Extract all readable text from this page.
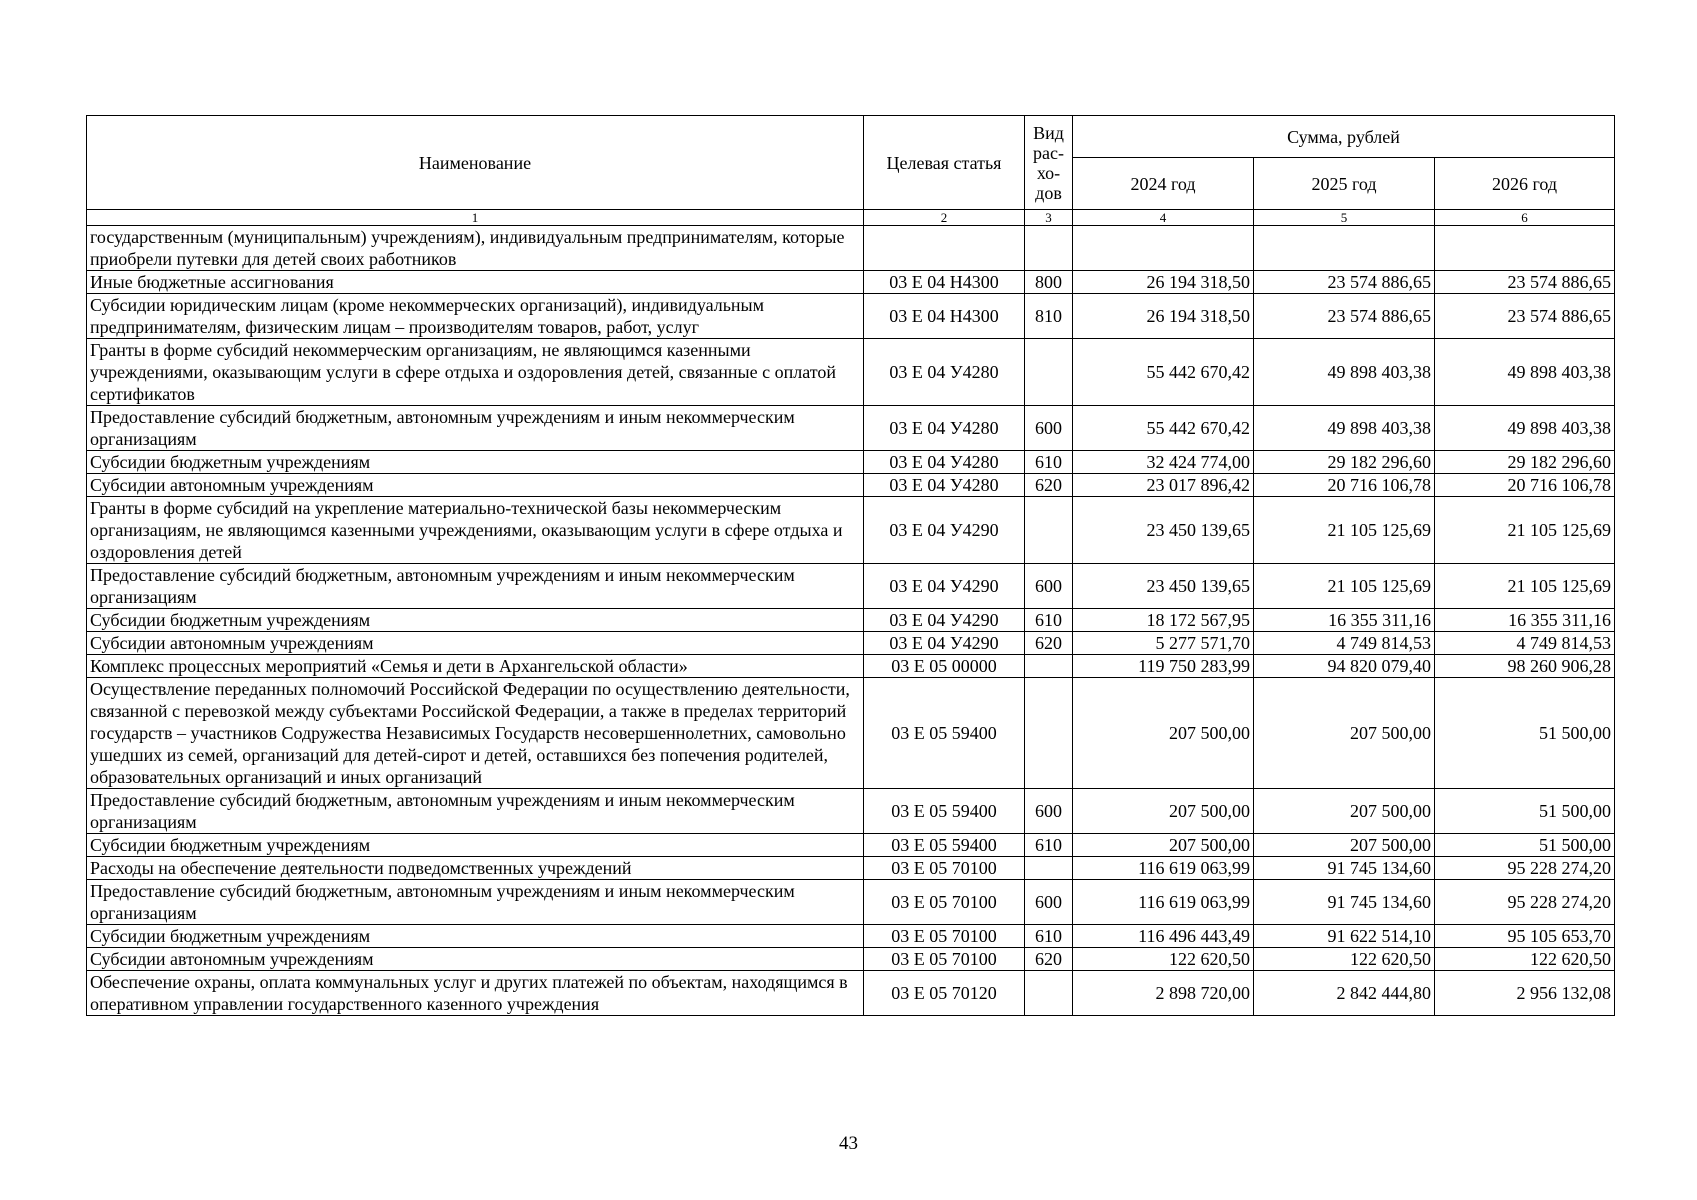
Наименование	Целевая статья	Вид рас-хо-дов	Сумма, рублей		
			2024 год	2025 год	2026 год
1	2	3	4	5	6
государственным (муниципальным) учреждениям), индивидуальным предпринимателям, которые приобрели путевки для детей своих работников					
Иные бюджетные ассигнования	03 Е 04 Н4300	800	26 194 318,50	23 574 886,65	23 574 886,65
Субсидии юридическим лицам (кроме некоммерческих организаций), индивидуальным предпринимателям, физическим лицам – производителям товаров, работ, услуг	03 Е 04 Н4300	810	26 194 318,50	23 574 886,65	23 574 886,65
Гранты в форме субсидий некоммерческим организациям, не являющимся казенными учреждениями, оказывающим услуги в сфере отдыха и оздоровления детей, связанные с оплатой сертификатов	03 Е 04 У4280		55 442 670,42	49 898 403,38	49 898 403,38
Предоставление субсидий бюджетным, автономным учреждениям и иным некоммерческим организациям	03 Е 04 У4280	600	55 442 670,42	49 898 403,38	49 898 403,38
Субсидии бюджетным учреждениям	03 Е 04 У4280	610	32 424 774,00	29 182 296,60	29 182 296,60
Субсидии автономным учреждениям	03 Е 04 У4280	620	23 017 896,42	20 716 106,78	20 716 106,78
Гранты в форме субсидий на укрепление материально-технической базы некоммерческим организациям, не являющимся казенными учреждениями, оказывающим услуги в сфере отдыха и оздоровления детей	03 Е 04 У4290		23 450 139,65	21 105 125,69	21 105 125,69
Предоставление субсидий бюджетным, автономным учреждениям и иным некоммерческим организациям	03 Е 04 У4290	600	23 450 139,65	21 105 125,69	21 105 125,69
Субсидии бюджетным учреждениям	03 Е 04 У4290	610	18 172 567,95	16 355 311,16	16 355 311,16
Субсидии автономным учреждениям	03 Е 04 У4290	620	5 277 571,70	4 749 814,53	4 749 814,53
Комплекс процессных мероприятий «Семья и дети в Архангельской области»	03 Е 05 00000		119 750 283,99	94 820 079,40	98 260 906,28
Осуществление переданных полномочий Российской Федерации по осуществлению деятельности, связанной с перевозкой между субъектами Российской Федерации, а также в пределах территорий государств – участников Содружества Независимых Государств несовершеннолетних, самовольно ушедших из семей, организаций для детей-сирот и детей, оставшихся без попечения родителей, образовательных организаций и иных организаций	03 Е 05 59400		207 500,00	207 500,00	51 500,00
Предоставление субсидий бюджетным, автономным учреждениям и иным некоммерческим организациям	03 Е 05 59400	600	207 500,00	207 500,00	51 500,00
Субсидии бюджетным учреждениям	03 Е 05 59400	610	207 500,00	207 500,00	51 500,00
Расходы на обеспечение деятельности подведомственных учреждений	03 Е 05 70100		116 619 063,99	91 745 134,60	95 228 274,20
Предоставление субсидий бюджетным, автономным учреждениям и иным некоммерческим организациям	03 Е 05 70100	600	116 619 063,99	91 745 134,60	95 228 274,20
Субсидии бюджетным учреждениям	03 Е 05 70100	610	116 496 443,49	91 622 514,10	95 105 653,70
Субсидии автономным учреждениям	03 Е 05 70100	620	122 620,50	122 620,50	122 620,50
Обеспечение охраны, оплата коммунальных услуг и других платежей по объектам, находящимся в оперативном управлении государственного казенного учреждения	03 Е 05 70120		2 898 720,00	2 842 444,80	2 956 132,08
43
